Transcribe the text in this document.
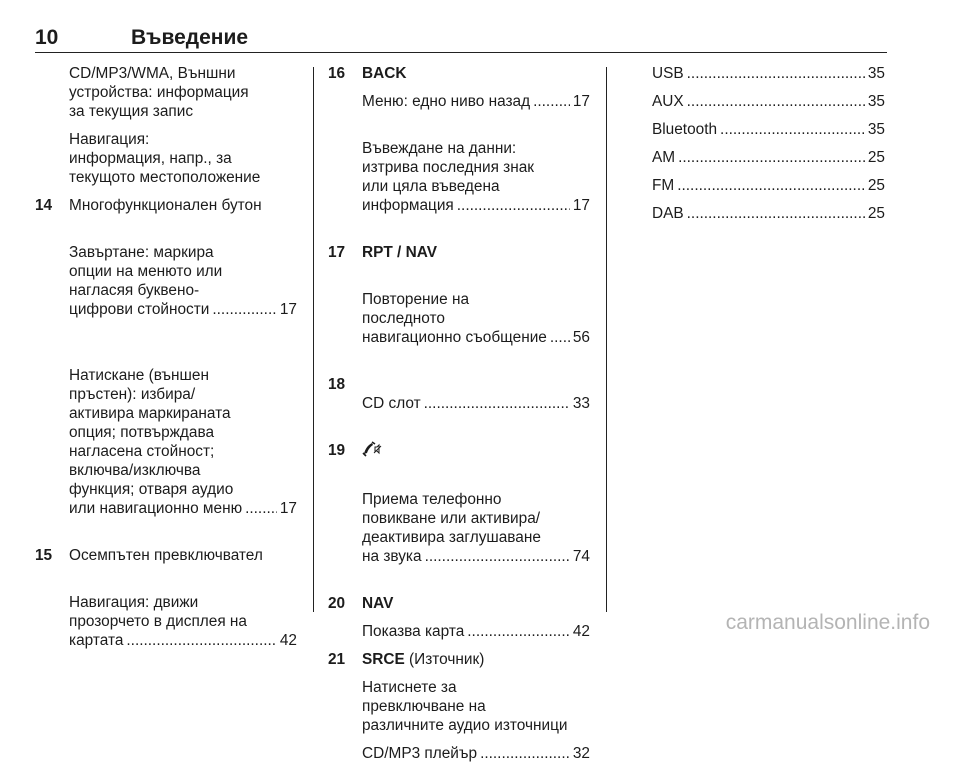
10	Въведение
CD/MP3/WMA, Външни
устройства: информация
за текущия запис
Навигация:
информация, напр., за
текущото местоположение
14	Многофункционален бутон

Завъртане: маркира
опции на менюто или
нагласяя буквено-

цифрови стойности .....	17

Натискане (външен
пръстен): избира/
активира маркираната
опция; потвърждава
нагласена стойност;
включва/изключва
функция; отваря аудио

или навигационно меню ..... 17

15	Осемпътен превключвател

Навигация: движи
прозорчето в дисплея на

картата .....	42

16	BACK
Меню: едно ниво назад .....	17

Въвеждане на данни:
изтрива последния знак
или цяла въведена

информация .....	17

17	RPT / NAV

Повторение на
последното

навигационно съобщение ..... 56

18

CD слот .....	33

19

Приема телефонно
повикване или активира/
деактивира заглушаване

на звука .....	74

20	NAV
Показва карта .....	42
21	SRCE (Източник)
Натиснете за
превключване на
различните аудио източници
CD/MP3 плейър .....	32
USB .....	35
AUX .....	35
Bluetooth .....	35
AM .....	25
FM .....	25
DAB .....	25
carmanualsonline.info
